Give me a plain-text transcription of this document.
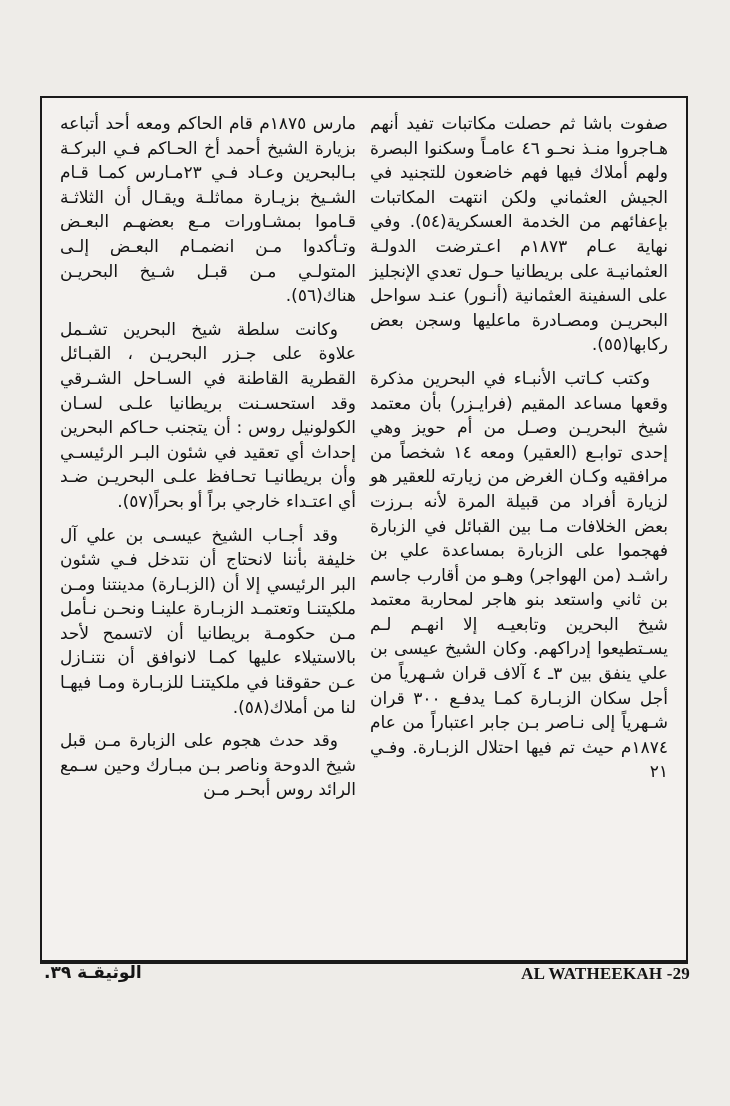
صفوت باشا ثم حصلت مكاتبات تفيد أنهم هـاجروا منـذ نحـو ٤٦ عامـاً وسكنوا البصرة ولهم أملاك فيها فهم خاضعون للتجنيد في الجيش العثماني ولكن انتهت المكاتبات بإعفائهم من الخدمة العسكرية(٥٤). وفي نهاية عـام ١٨٧٣م اعـترضت الدولـة العثمانيـة على بريطانيا حـول تعدي الإنجليز على السفينة العثمانية (أنـور) عنـد سواحل البحريـن ومصـادرة ماعليها وسجن بعض ركابها(٥٥).

وكتب كـاتب الأنبـاء في البحرين مذكرة وقعها مساعد المقيم (فرايـزر) بأن معتمد شيخ البحريـن وصـل من أم حويز وهي إحدى توابـع (العقير) ومعه ١٤ شخصاً من مرافقيه وكـان الغرض من زيارته للعقير هو لزيارة أفراد من قبيلة المرة لأنه بـرزت بعض الخلافات مـا بين القبائل في الزبارة فهجموا على الزبارة بمساعدة علي بن راشـد (من الهواجر) وهـو من أقارب جاسم بن ثاني واستعد بنو هاجر لمحاربة معتمد شيخ البحرين وتابعيـه إلا انهـم لـم يسـتطيعوا إدراكهم. وكان الشيخ عيسى بن علي ينفق بين ٣ـ ٤ آلاف قران شـهرياً من أجل سكان الزبـارة كمـا يدفـع ٣٠٠ قران شـهرياً إلى نـاصر بـن جابر اعتباراً من عام ١٨٧٤م حيث تم فيها احتلال الزبـارة. وفـي ٢١

مارس ١٨٧٥م قام الحاكم ومعه أحد أتباعه بزيارة الشيخ أحمد أخ الحـاكم فـي البركـة بـالبحرين وعـاد فـي ٢٣مـارس كمـا قـام الشـيخ بزيـارة مماثلـة ويقـال أن الثلاثـة قـاموا بمشـاورات مـع بعضهـم البعـض وتـأكدوا مـن انضمـام البعـض إلـى المتولـي مـن قبـل شـيخ البحريـن هناك(٥٦).

وكانت سلطة شيخ البحرين تشـمل علاوة على جـزر البحريـن ، القبـائل القطرية القاطنة في السـاحل الشـرقي وقد استحسـنت بريطانيا علـى لسـان الكولونيل روس : أن يتجنب حـاكم البحرين إحداث أي تعقيد في شئون البـر الرئيسـي وأن بريطانيـا تحـافظ علـى البحريـن ضـد أي اعتـداء خارجي براً أو بحراً(٥٧).

وقد أجـاب الشيخ عيسـى بن علي آل خليفة بأننا لانحتاج أن نتدخل فـي شئون البر الرئيسي إلا أن (الزبـارة) مدينتنا ومـن ملكيتنـا وتعتمـد الزبـارة علينـا ونحـن نـأمل مـن حكومـة بريطانيا أن لاتسمح لأحد بالاستيلاء عليها كمـا لانوافق أن نتنـازل عـن حقوقنا في ملكيتنـا للزبـارة ومـا فيهـا لنا من أملاك(٥٨).

وقد حدث هجوم على الزبارة مـن قبل شيخ الدوحة وناصر بـن مبـارك وحين سـمع الرائد روس أبحـر مـن

الوثيقـة ٣٩.	AL WATHEEKAH -29
